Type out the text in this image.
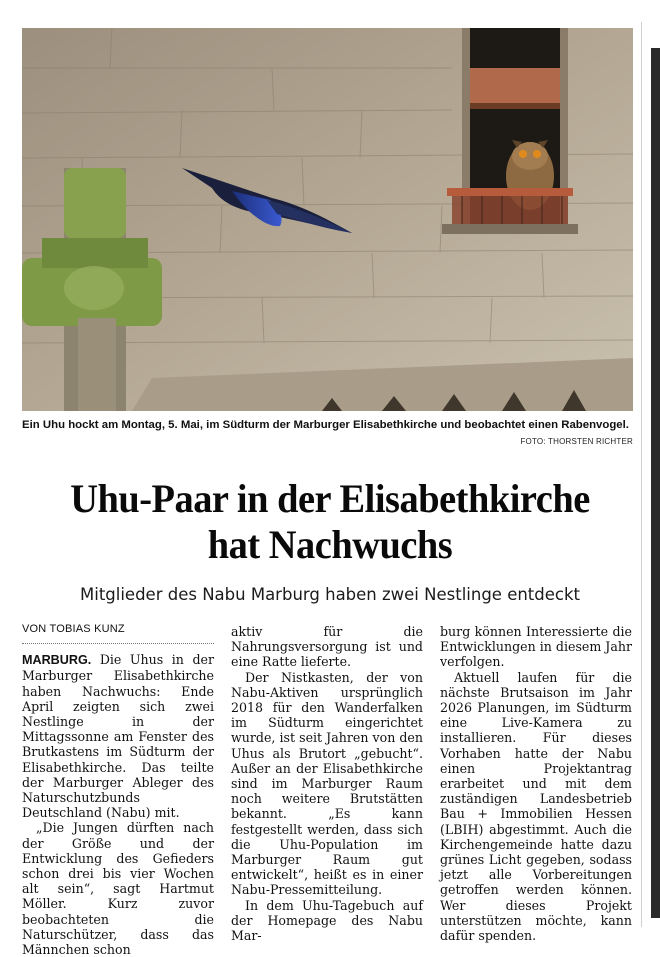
Ein Uhu hockt am Montag, 5. Mai, im Südturm der Marburger Elisabethkirche und beobachtet einen Rabenvogel.
FOTO: THORSTEN RICHTER
Uhu-Paar in der Elisabethkirche
hat Nachwuchs
Mitglieder des Nabu Marburg haben zwei Nestlinge entdeckt
VON TOBIAS KUNZ

MARBURG. Die Uhus in der Marburger Elisabethkirche haben Nachwuchs: Ende April zeigten sich zwei Nestlinge in der Mittagssonne am Fenster des Brutkastens im Südturm der Elisabethkirche. Das teilte der Marburger Ableger des Naturschutzbunds Deutschland (Nabu) mit.

„Die Jungen dürften nach der Größe und der Entwicklung des Gefieders schon drei bis vier Wochen alt sein“, sagt Hartmut Möller. Kurz zuvor beobachteten die Naturschützer, dass das Männchen schon

aktiv für die Nahrungsversorgung ist und eine Ratte lieferte.

Der Nistkasten, der von Nabu-Aktiven ursprünglich 2018 für den Wanderfalken im Südturm eingerichtet wurde, ist seit Jahren von den Uhus als Brutort „gebucht“. Außer an der Elisabethkirche sind im Marburger Raum noch weitere Brutstätten bekannt. „Es kann festgestellt werden, dass sich die Uhu-Population im Marburger Raum gut entwickelt“, heißt es in einer Nabu-Pressemitteilung.

In dem Uhu-Tagebuch auf der Homepage des Nabu Mar-

burg können Interessierte die Entwicklungen in diesem Jahr verfolgen.

Aktuell laufen für die nächste Brutsaison im Jahr 2026 Planungen, im Südturm eine Live-Kamera zu installieren. Für dieses Vorhaben hatte der Nabu einen Projektantrag erarbeitet und mit dem zuständigen Landesbetrieb Bau + Immobilien Hessen (LBIH) abgestimmt. Auch die Kirchengemeinde hatte dazu grünes Licht gegeben, sodass jetzt alle Vorbereitungen getroffen werden können. Wer dieses Projekt unterstützen möchte, kann dafür spenden.
